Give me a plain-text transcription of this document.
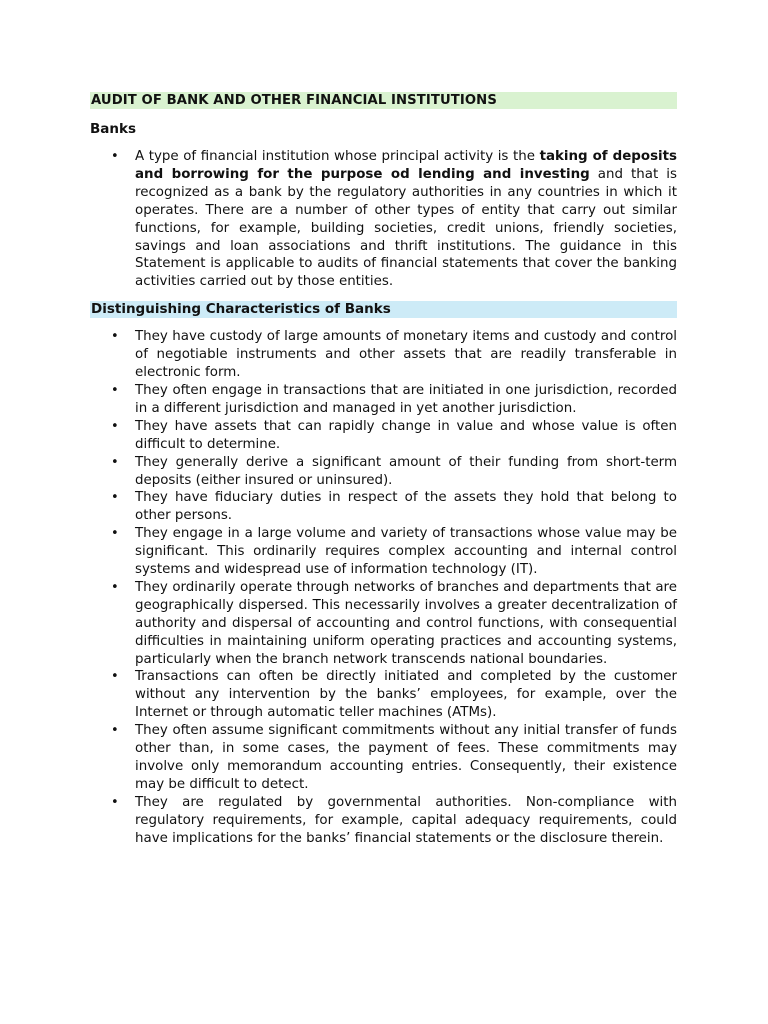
AUDIT OF BANK AND OTHER FINANCIAL INSTITUTIONS

Banks

• A type of financial institution whose principal activity is the taking of deposits and borrowing for the purpose od lending and investing and that is recognized as a bank by the regulatory authorities in any countries in which it operates. There are a number of other types of entity that carry out similar functions, for example, building societies, credit unions, friendly societies, savings and loan associations and thrift institutions. The guidance in this Statement is applicable to audits of financial statements that cover the banking activities carried out by those entities.

Distinguishing Characteristics of Banks

• They have custody of large amounts of monetary items and custody and control of negotiable instruments and other assets that are readily transferable in electronic form.
• They often engage in transactions that are initiated in one jurisdiction, recorded in a different jurisdiction and managed in yet another jurisdiction.
• They have assets that can rapidly change in value and whose value is often difficult to determine.
• They generally derive a significant amount of their funding from short-term deposits (either insured or uninsured).
• They have fiduciary duties in respect of the assets they hold that belong to other persons.
• They engage in a large volume and variety of transactions whose value may be significant. This ordinarily requires complex accounting and internal control systems and widespread use of information technology (IT).
• They ordinarily operate through networks of branches and departments that are geographically dispersed. This necessarily involves a greater decentralization of authority and dispersal of accounting and control functions, with consequential difficulties in maintaining uniform operating practices and accounting systems, particularly when the branch network transcends national boundaries.
• Transactions can often be directly initiated and completed by the customer without any intervention by the banks’ employees, for example, over the Internet or through automatic teller machines (ATMs).
• They often assume significant commitments without any initial transfer of funds other than, in some cases, the payment of fees. These commitments may involve only memorandum accounting entries. Consequently, their existence may be difficult to detect.
• They are regulated by governmental authorities. Non-compliance with regulatory requirements, for example, capital adequacy requirements, could have implications for the banks’ financial statements or the disclosure therein.
